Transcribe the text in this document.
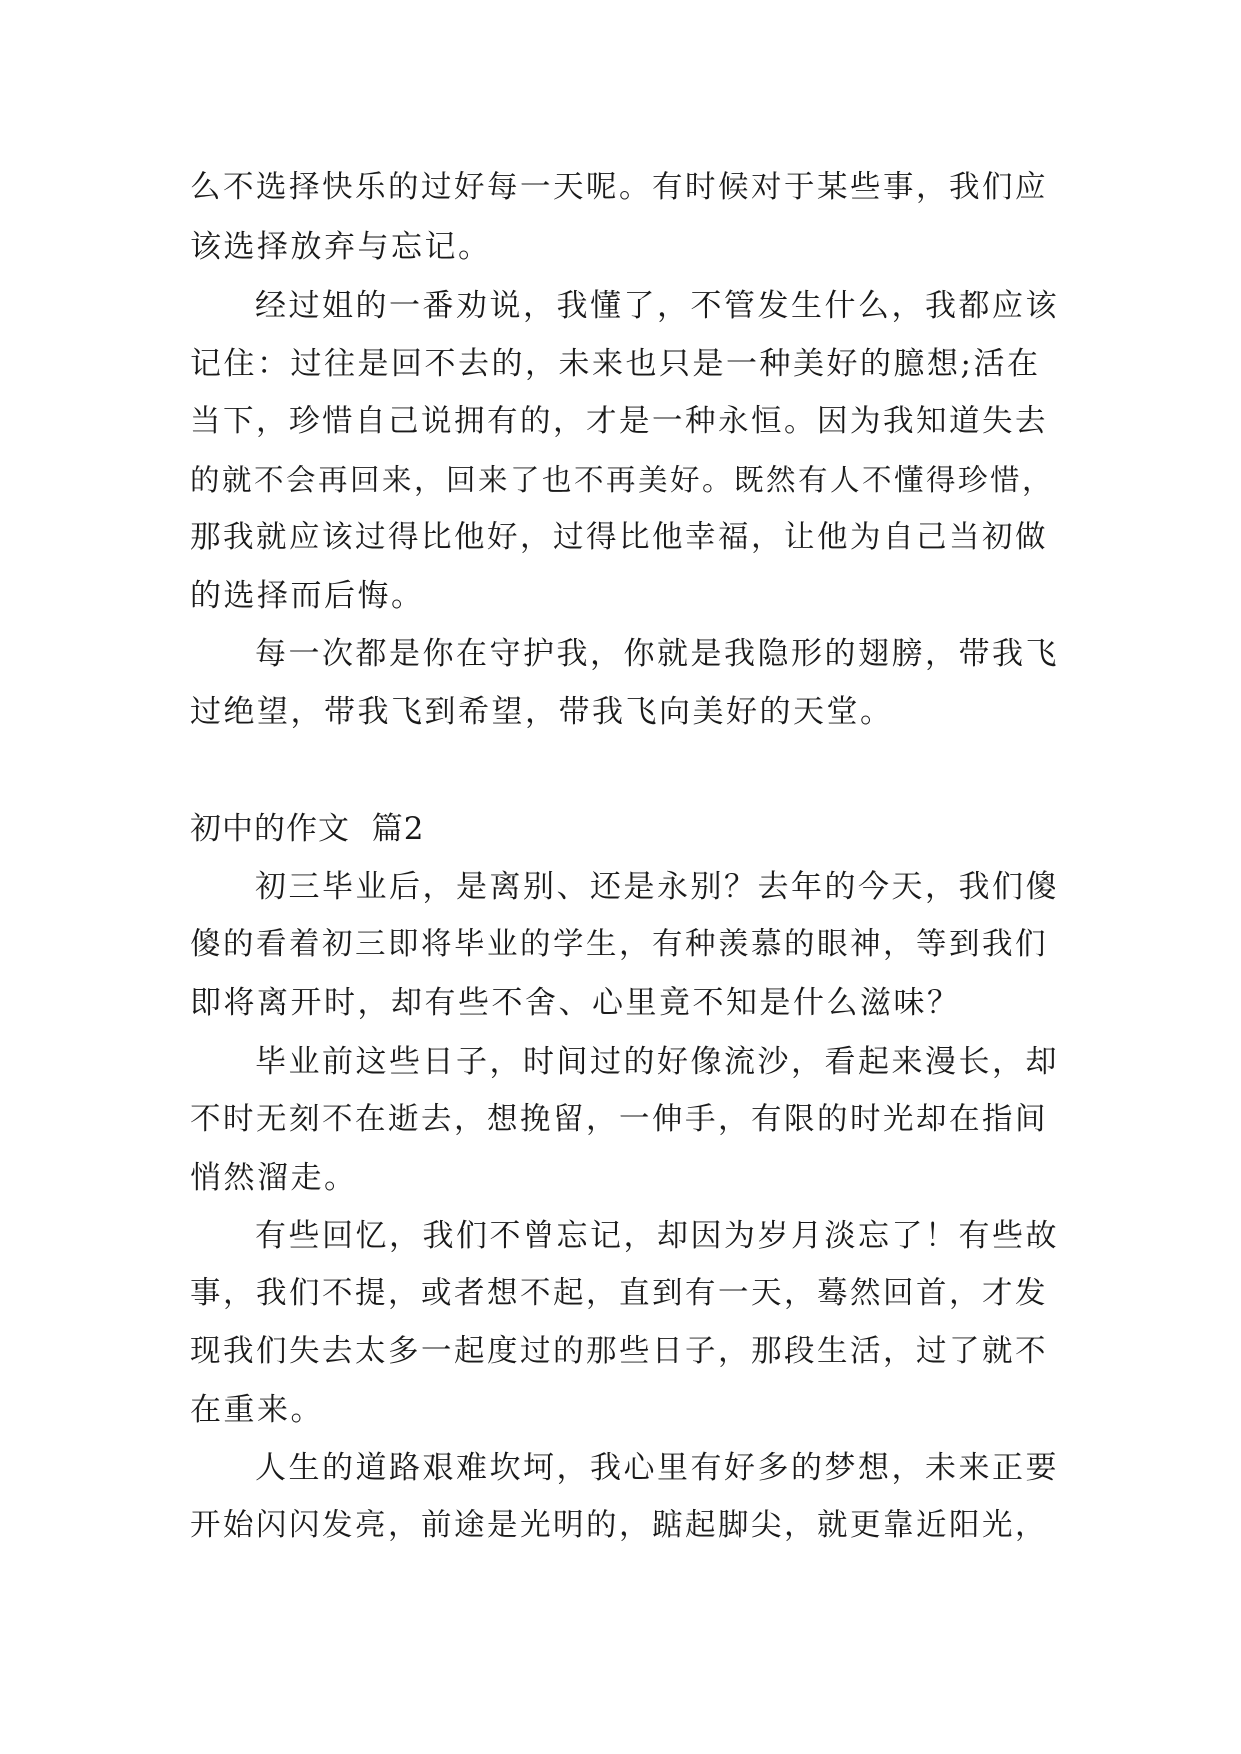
么不选择快乐的过好每一天呢。有时候对于某些事，我们应
该选择放弃与忘记。
经过姐的一番劝说，我懂了，不管发生什么，我都应该
记住：过往是回不去的，未来也只是一种美好的臆想;活在
当下，珍惜自己说拥有的，才是一种永恒。因为我知道失去
的就不会再回来，回来了也不再美好。既然有人不懂得珍惜，
那我就应该过得比他好，过得比他幸福，让他为自己当初做
的选择而后悔。
每一次都是你在守护我，你就是我隐形的翅膀，带我飞
过绝望，带我飞到希望，带我飞向美好的天堂。
初中的作文  篇2
初三毕业后，是离别、还是永别？去年的今天，我们傻
傻的看着初三即将毕业的学生，有种羡慕的眼神，等到我们
即将离开时，却有些不舍、心里竟不知是什么滋味？
毕业前这些日子，时间过的好像流沙，看起来漫长，却
不时无刻不在逝去，想挽留，一伸手，有限的时光却在指间
悄然溜走。
有些回忆，我们不曾忘记，却因为岁月淡忘了！有些故
事，我们不提，或者想不起，直到有一天，蓦然回首，才发
现我们失去太多一起度过的那些日子，那段生活，过了就不
在重来。
人生的道路艰难坎坷，我心里有好多的梦想，未来正要
开始闪闪发亮，前途是光明的，踮起脚尖，就更靠近阳光，
